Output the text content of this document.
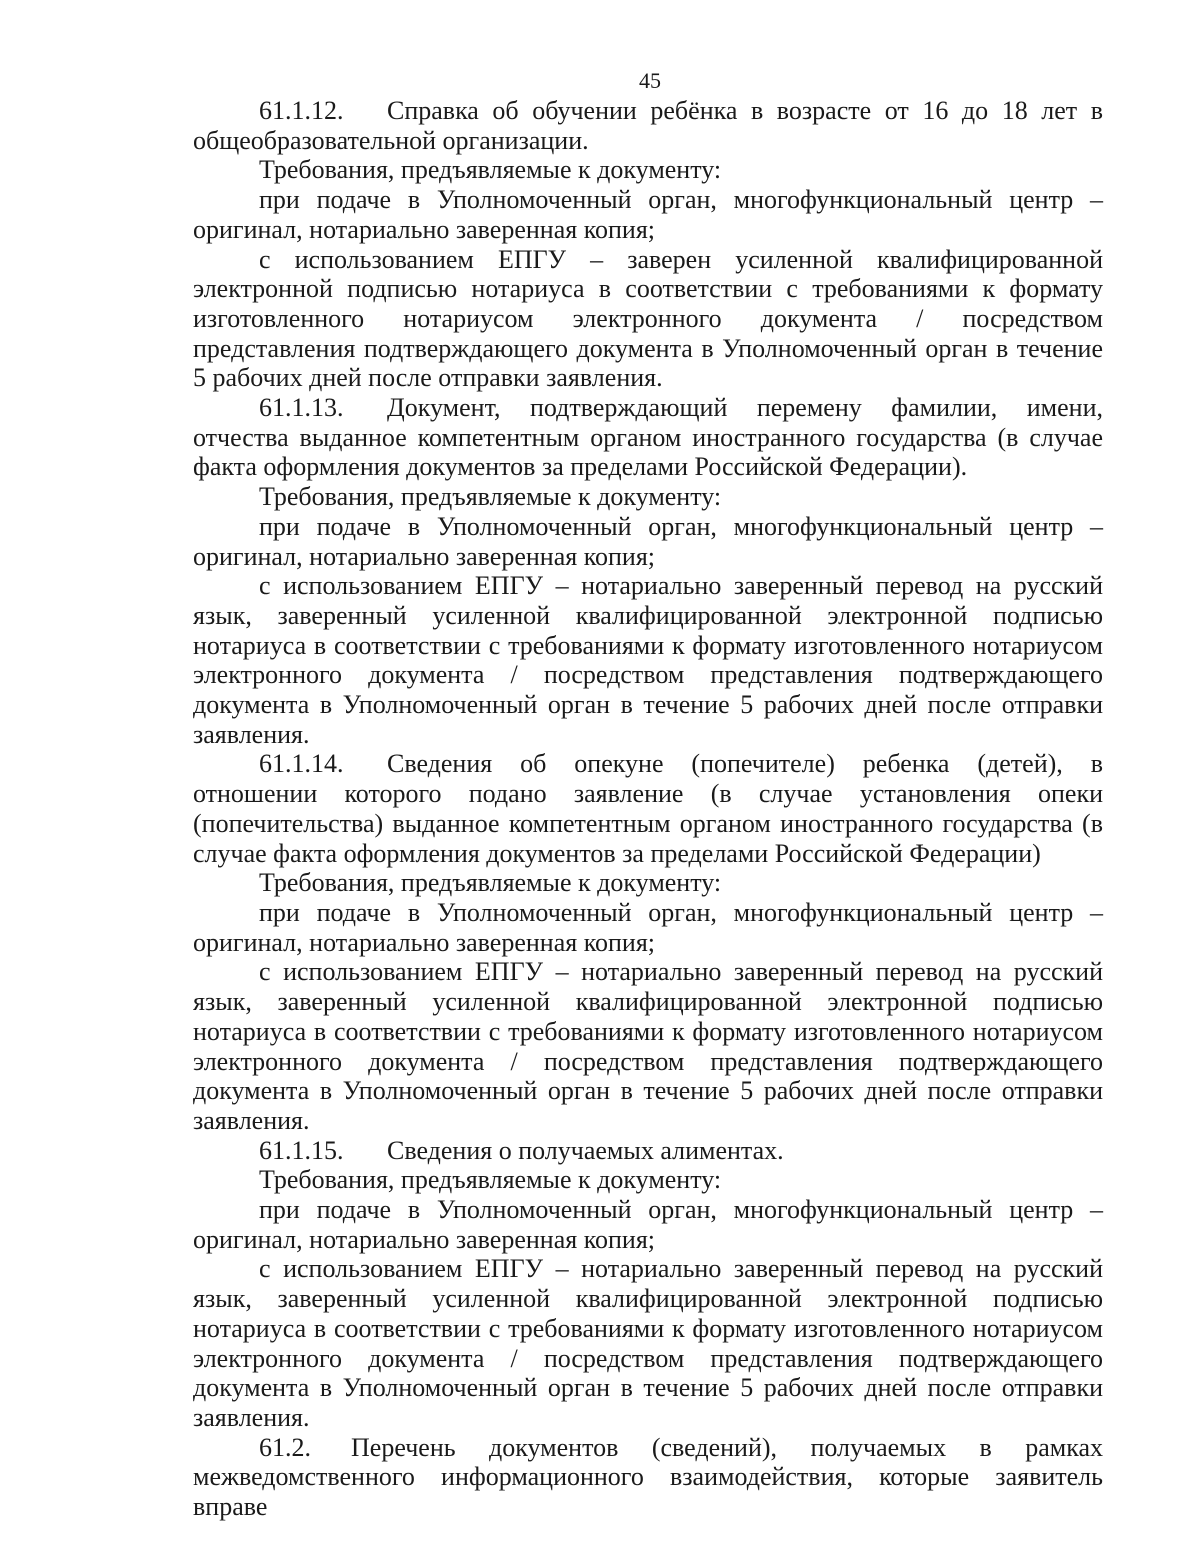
45

61.1.12. Справка об обучении ребёнка в возрасте от 16 до 18 лет в общеобразовательной организации.

Требования, предъявляемые к документу:

при подаче в Уполномоченный орган, многофункциональный центр – оригинал, нотариально заверенная копия;

с использованием ЕПГУ – заверен усиленной квалифицированной электронной подписью нотариуса в соответствии с требованиями к формату изготовленного нотариусом электронного документа / посредством представления подтверждающего документа в Уполномоченный орган в течение 5 рабочих дней после отправки заявления.

61.1.13. Документ, подтверждающий перемену фамилии, имени, отчества выданное компетентным органом иностранного государства (в случае факта оформления документов за пределами Российской Федерации).

Требования, предъявляемые к документу:

при подаче в Уполномоченный орган, многофункциональный центр – оригинал, нотариально заверенная копия;

с использованием ЕПГУ – нотариально заверенный перевод на русский язык, заверенный усиленной квалифицированной электронной подписью нотариуса в соответствии с требованиями к формату изготовленного нотариусом электронного документа / посредством представления подтверждающего документа в Уполномоченный орган в течение 5 рабочих дней после отправки заявления.

61.1.14. Сведения об опекуне (попечителе) ребенка (детей), в отношении которого подано заявление (в случае установления опеки (попечительства) выданное компетентным органом иностранного государства (в случае факта оформления документов за пределами Российской Федерации)

Требования, предъявляемые к документу:

при подаче в Уполномоченный орган, многофункциональный центр – оригинал, нотариально заверенная копия;

с использованием ЕПГУ – нотариально заверенный перевод на русский язык, заверенный усиленной квалифицированной электронной подписью нотариуса в соответствии с требованиями к формату изготовленного нотариусом электронного документа / посредством представления подтверждающего документа в Уполномоченный орган в течение 5 рабочих дней после отправки заявления.

61.1.15. Сведения о получаемых алиментах.

Требования, предъявляемые к документу:

при подаче в Уполномоченный орган, многофункциональный центр – оригинал, нотариально заверенная копия;

с использованием ЕПГУ – нотариально заверенный перевод на русский язык, заверенный усиленной квалифицированной электронной подписью нотариуса в соответствии с требованиями к формату изготовленного нотариусом электронного документа / посредством представления подтверждающего документа в Уполномоченный орган в течение 5 рабочих дней после отправки заявления.

61.2. Перечень документов (сведений), получаемых в рамках межведомственного информационного взаимодействия, которые заявитель вправе
